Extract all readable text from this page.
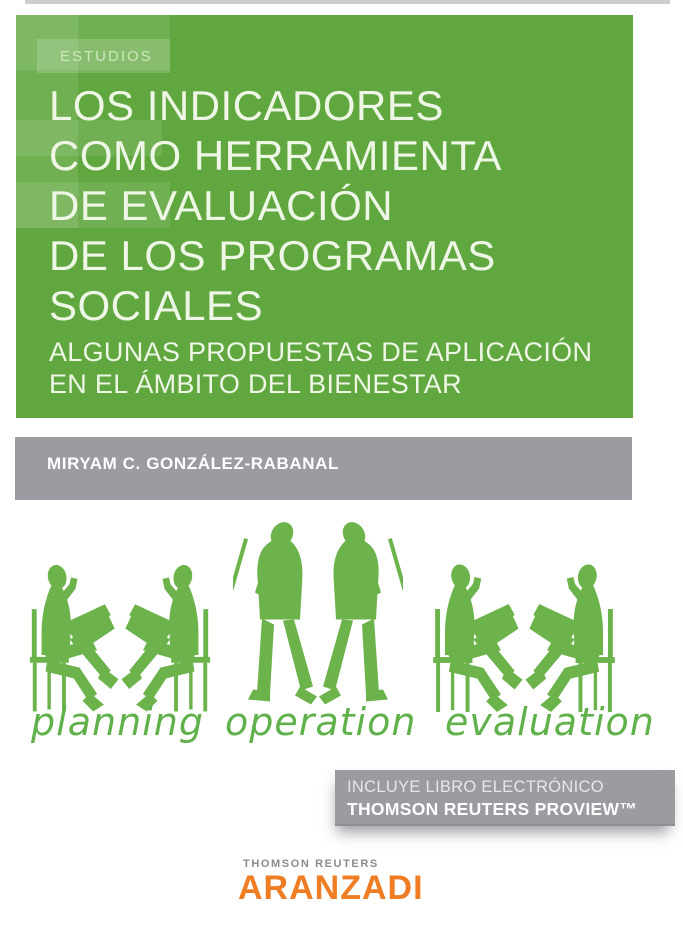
ESTUDIOS
LOS INDICADORES
COMO HERRAMIENTA
DE EVALUACIÓN
DE LOS PROGRAMAS
SOCIALES
ALGUNAS PROPUESTAS DE APLICACIÓN
EN EL ÁMBITO DEL BIENESTAR
MIRYAM C. GONZÁLEZ-RABANAL
planning operation evaluation
INCLUYE LIBRO ELECTRÓNICO
THOMSON REUTERS PROVIEW™
THOMSON REUTERS
ARANZADI
